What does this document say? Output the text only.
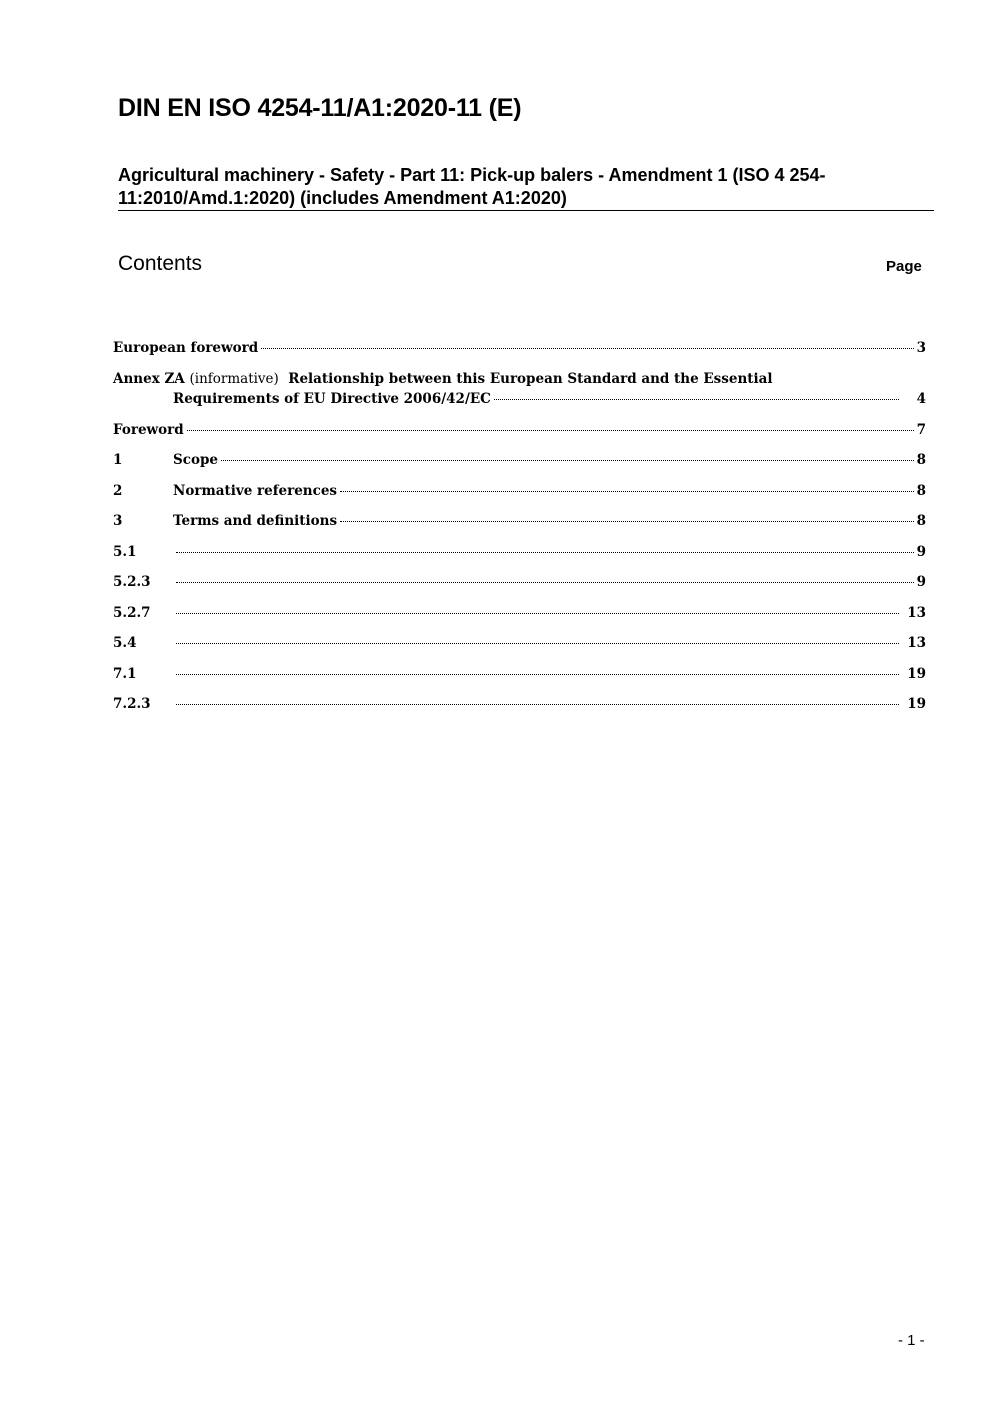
DIN EN ISO 4254-11/A1:2020-11 (E)
Agricultural machinery - Safety - Part 11: Pick-up balers - Amendment 1 (ISO 4 254-
11:2010/Amd.1:2020) (includes Amendment A1:2020)
Contents	Page
European foreword	3
Annex ZA (informative)  Relationship between this European Standard and the Essential
Requirements of EU Directive 2006/42/EC	4
Foreword	7
1	Scope	8
2	Normative references	8
3	Terms and definitions	8
5.1	9
5.2.3	9
5.2.7	13
5.4	13
7.1	19
7.2.3	19
- 1 -
